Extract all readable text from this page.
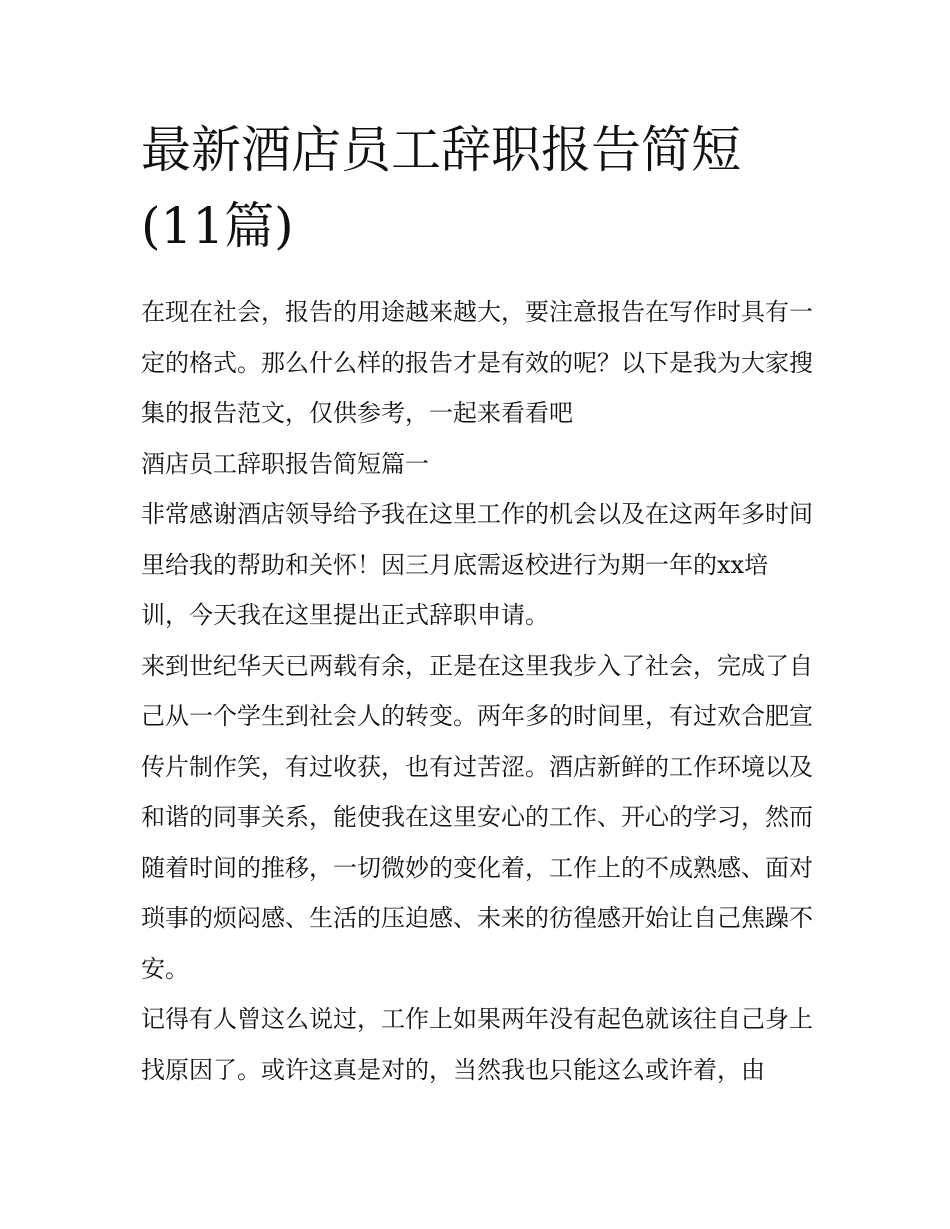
最新酒店员工辞职报告简短(11篇)

在现在社会，报告的用途越来越大，要注意报告在写作时具有一定的格式。那么什么样的报告才是有效的呢？以下是我为大家搜集的报告范文，仅供参考，一起来看看吧

酒店员工辞职报告简短篇一

非常感谢酒店领导给予我在这里工作的机会以及在这两年多时间里给我的帮助和关怀！因三月底需返校进行为期一年的xx培训，今天我在这里提出正式辞职申请。

来到世纪华天已两载有余，正是在这里我步入了社会，完成了自己从一个学生到社会人的转变。两年多的时间里，有过欢合肥宣传片制作笑，有过收获，也有过苦涩。酒店新鲜的工作环境以及和谐的同事关系，能使我在这里安心的工作、开心的学习，然而随着时间的推移，一切微妙的变化着，工作上的不成熟感、面对琐事的烦闷感、生活的压迫感、未来的彷徨感开始让自己焦躁不安。

记得有人曾这么说过，工作上如果两年没有起色就该往自己身上找原因了。或许这真是对的，当然我也只能这么或许着，由
